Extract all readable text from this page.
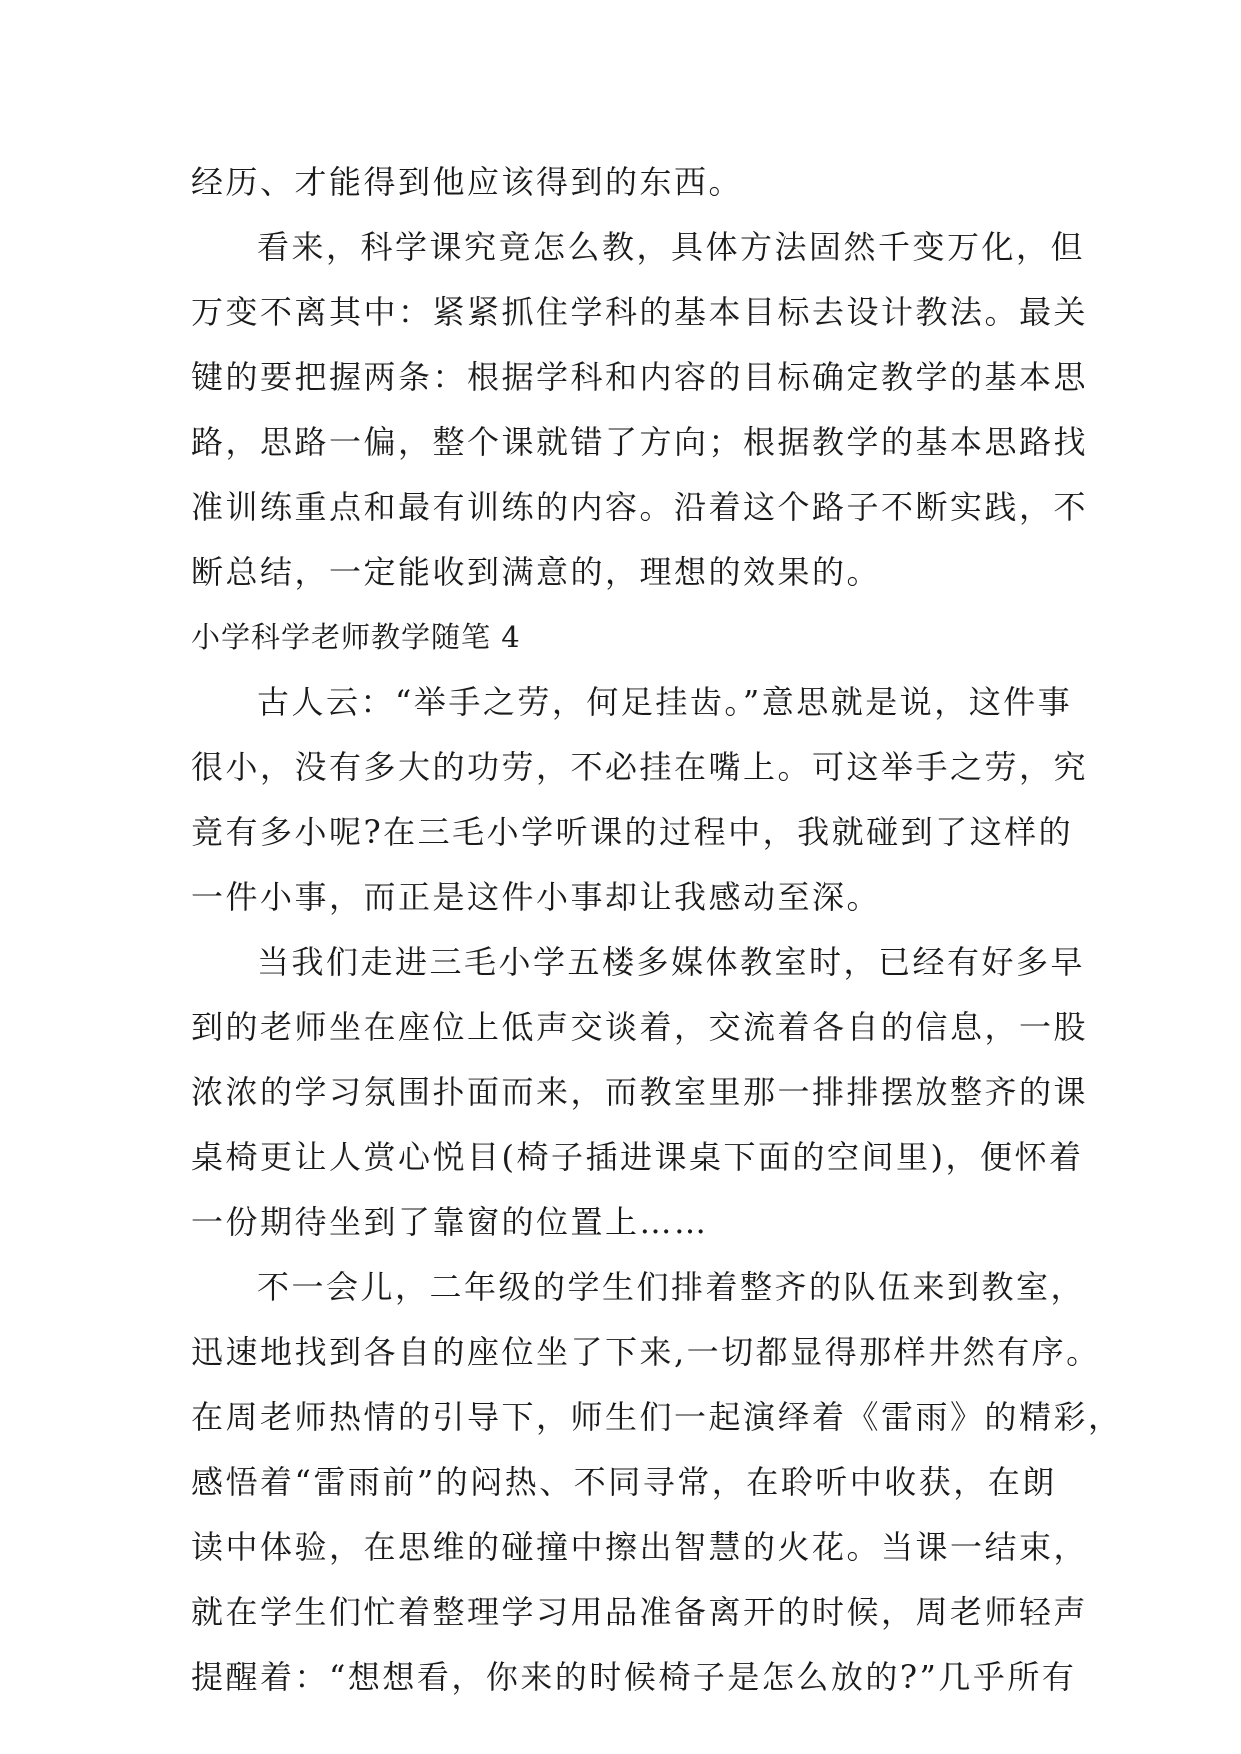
经历、才能得到他应该得到的东西。
看来，科学课究竟怎么教，具体方法固然千变万化，但
万变不离其中：紧紧抓住学科的基本目标去设计教法。最关
键的要把握两条：根据学科和内容的目标确定教学的基本思
路，思路一偏，整个课就错了方向；根据教学的基本思路找
准训练重点和最有训练的内容。沿着这个路子不断实践，不
断总结，一定能收到满意的，理想的效果的。
小学科学老师教学随笔 4
古人云：“举手之劳，何足挂齿。”意思就是说，这件事
很小，没有多大的功劳，不必挂在嘴上。可这举手之劳，究
竟有多小呢?在三毛小学听课的过程中，我就碰到了这样的
一件小事，而正是这件小事却让我感动至深。
当我们走进三毛小学五楼多媒体教室时，已经有好多早
到的老师坐在座位上低声交谈着，交流着各自的信息，一股
浓浓的学习氛围扑面而来，而教室里那一排排摆放整齐的课
桌椅更让人赏心悦目(椅子插进课桌下面的空间里)，便怀着
一份期待坐到了靠窗的位置上……
不一会儿，二年级的学生们排着整齐的队伍来到教室，
迅速地找到各自的座位坐了下来,一切都显得那样井然有序。
在周老师热情的引导下，师生们一起演绎着《雷雨》的精彩，
感悟着“雷雨前”的闷热、不同寻常，在聆听中收获，在朗
读中体验，在思维的碰撞中擦出智慧的火花。当课一结束，
就在学生们忙着整理学习用品准备离开的时候，周老师轻声
提醒着：“想想看，你来的时候椅子是怎么放的?”几乎所有
